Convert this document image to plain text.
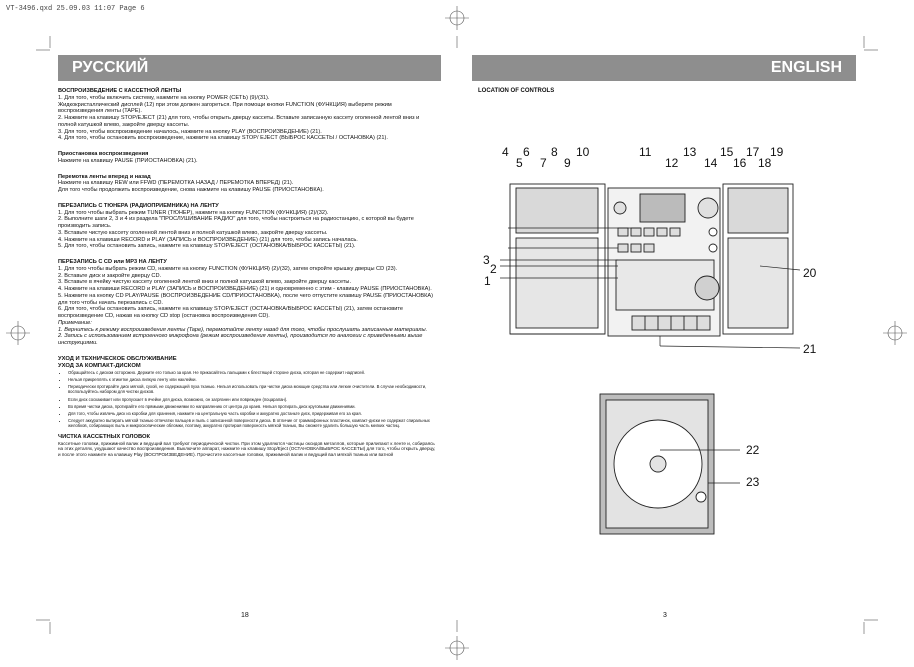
VT-3496.qxd 25.09.03 11:07 Page 6
РУССКИЙ	ENGLISH

ВОСПРОИЗВЕДЕНИЕ С КАССЕТНОЙ ЛЕНТЫ

1. Для того, чтобы включить систему, нажмите на кнопку POWER (СЕТЬ) (9)/(31).

Жидкокристаллический дисплей (12) при этом должен загореться. При помощи кнопки FUNCTION (ФУНКЦИЯ) выберите режим воспроизведения ленты (TAPE).

2. Нажмите на клавишу STOP/EJECT (21) для того, чтобы открыть дверцу кассеты. Вставьте записанную кассету оголенной лентой вниз и полной катушкой влево, закройте дверцу кассеты.

3. Для того, чтобы воспроизведение началось, нажмите на кнопку PLAY (ВОСПРОИЗВЕДЕНИЕ) (21).

4. Для того, чтобы остановить воспроизведение, нажмите на клавишу STOP/ EJECT (ВЫБРОС КАССЕТЫ / ОСТАНОВКА) (21).

Приостановка воспроизведения

Нажмите на клавишу PAUSE (ПРИОСТАНОВКА) (21).

Перемотка ленты вперед и назад

Нажмите на клавишу REW или FFWD (ПЕРЕМОТКА НАЗАД / ПЕРЕМОТКА ВПЕРЕД) (21).

Для того чтобы продолжить воспроизведение, снова нажмите на клавишу PAUSE (ПРИОСТАНОВКА).

ПЕРЕЗАПИСЬ С ТЮНЕРА (РАДИОПРИЕМНИКА) НА ЛЕНТУ

1. Для того чтобы выбрать режим TUNER (ТЮНЕР), нажмите на кнопку FUNCTION (ФУНКЦИЯ) (2)/(32).

2. Выполните шаги 2, 3 и 4 из раздела "ПРОСЛУШИВАНИЕ РАДИО" для того, чтобы настроиться на радиостанцию, с которой вы будете производить запись.

3. Вставьте чистую кассету оголенной лентой вниз и полной катушкой влево, закройте дверцу кассеты.

4. Нажмите на клавиши RECORD и PLAY (ЗАПИСЬ и ВОСПРОИЗВЕДЕНИЕ) (21) для того, чтобы запись началась.

5. Для того, чтобы остановить запись, нажмите на клавишу STOP/EJECT (ОСТАНОВКА/ВЫБРОС КАССЕТЫ) (21).

ПЕРЕЗАПИСЬ С CD или MP3 НА ЛЕНТУ

1. Для того чтобы выбрать режим CD, нажмите на кнопку FUNCTION (ФУНКЦИЯ) (2)/(32), затем откройте крышку дверцы CD (23).

2. Вставьте диск и закройте дверцу CD.

3. Вставьте в ячейку чистую кассету оголенной лентой вниз и полной катушкой влево, закройте дверцу кассеты.

4. Нажмите на клавиши RECORD и PLAY (ЗАПИСЬ и ВОСПРОИЗВЕДЕНИЕ) (21) и одновременно с этим - клавишу PAUSE (ПРИОСТАНОВКА).

5. Нажмите на кнопку CD PLAY/PAUSE (ВОСПРОИЗВЕДЕНИЕ CD/ПРИОСТАНОВКА), после чего отпустите клавишу PAUSE (ПРИОСТАНОВКА) для того чтобы начать перезапись с CD.

6. Для того, чтобы остановить запись, нажмите на клавишу STOP/EJECT (ОСТАНОВКА/ВЫБРОС КАССЕТЫ) (21), затем остановите воспроизведение CD, нажав на кнопку CD stop (остановка воспроизведения CD).

Примечание:

1. Вернитесь к режиму воспроизведения ленты (Tape), перемотайте ленту назад для того, чтобы прослушать записанные материалы.

2. Запись с использованием встроенного микрофона (режим воспроизведения ленты), производится по аналогии с приведенными выше инструкциями.

УХОД И ТЕХНИЧЕСКОЕ ОБСЛУЖИВАНИЕ

УХОД ЗА КОМПАКТ-ДИСКОМ

• Обращайтесь с диском осторожно. Держите его только за края. Не прикасайтесь пальцами к блестящей стороне диска, которая не содержит надписей.
• Нельзя прикреплять к этикетке диска липкую ленту или наклейки.
• Периодически протирайте диск мягкой, сухой, не содержащей пуха тканью. Нельзя использовать при чистке диска моющие средства или легкие очистители. В случае необходимости, воспользуйтесь набором для чистки дисков.
• Если диск соскакивает или пропускает в ячейке для диска, возможно, он загрязнен или поврежден (поцарапан).
• Во время чистки диска, протирайте его прямыми движениями по направлению от центра до краев. Нельзя протирать диск круговыми движениями.
• Для того, чтобы извлечь диск из коробки для хранения, нажмите на центральную часть коробки и аккуратно достаньте диск, придерживая его за края.
• Следует аккуратно вытирать мягкой тканью отпечатки пальцев и пыль с записанной поверхности диска. В отличие от граммофонных пластинок, компакт-диски не содержат спиральных желобков, собирающих пыль и микроскопические обломки, поэтому, аккуратно протирая поверхность мягкой тканью, Вы сможете удалить большую часть мелких частиц.

ЧИСТКА КАССЕТНЫХ ГОЛОВОК

Кассетные головки, прижимной валик и ведущий вал требуют периодической чистки. При этом удаляются частицы оксидов металлов, которые прилипают к ленте и, собираясь на этих деталях, ухудшают качество воспроизведения. Выключите аппарат, нажмите на клавишу Stop/Eject (ОСТАНОВКА/ВЫБРОС КАССЕТЫ) для того, чтобы открыть дверцу, и после этого нажмите на клавишу Play (ВОСПРОИЗВЕДЕНИЕ). Прочистите кассетные головки, прижимной валик и ведущий вал мягкой тканью или ватной

18	3
LOCATION OF CONTROLS
4
5
6
7
8
9
10	11
12
13
14
15
16
17
18
19
20
21
3
2
1
22
23
